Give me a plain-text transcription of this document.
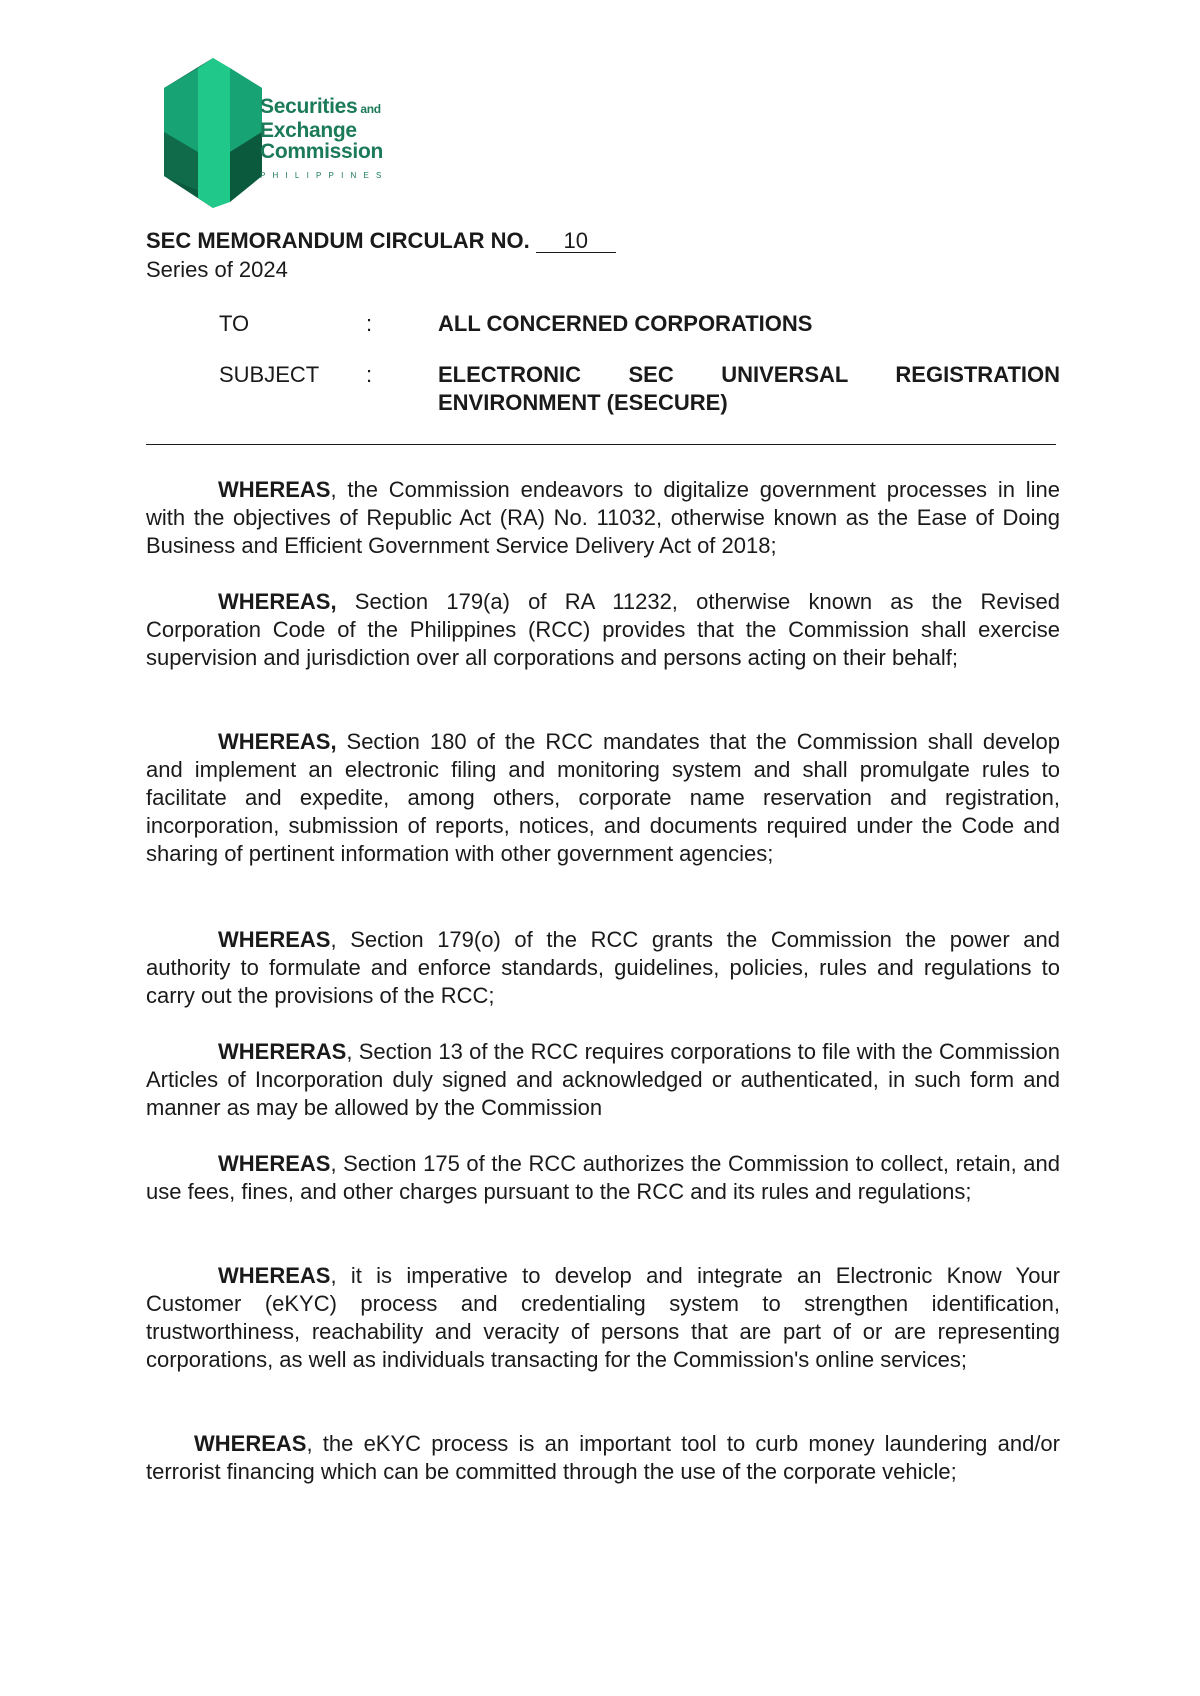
Securities and
Exchange
Commission
PHILIPPINES
SEC MEMORANDUM CIRCULAR NO. 10
Series of 2024
TO	:	ALL CONCERNED CORPORATIONS
SUBJECT :	ELECTRONIC SEC UNIVERSAL REGISTRATION
ENVIRONMENT (ESECURE)
WHEREAS, the Commission endeavors to digitalize government processes in line with the objectives of Republic Act (RA) No. 11032, otherwise known as the Ease of Doing Business and Efficient Government Service Delivery Act of 2018;
WHEREAS, Section 179(a) of RA 11232, otherwise known as the Revised Corporation Code of the Philippines (RCC) provides that the Commission shall exercise supervision and jurisdiction over all corporations and persons acting on their behalf;
WHEREAS, Section 180 of the RCC mandates that the Commission shall develop and implement an electronic filing and monitoring system and shall promulgate rules to facilitate and expedite, among others, corporate name reservation and registration, incorporation, submission of reports, notices, and documents required under the Code and sharing of pertinent information with other government agencies;
WHEREAS, Section 179(o) of the RCC grants the Commission the power and authority to formulate and enforce standards, guidelines, policies, rules and regulations to carry out the provisions of the RCC;
WHERERAS, Section 13 of the RCC requires corporations to file with the Commission Articles of Incorporation duly signed and acknowledged or authenticated, in such form and manner as may be allowed by the Commission
WHEREAS, Section 175 of the RCC authorizes the Commission to collect, retain, and use fees, fines, and other charges pursuant to the RCC and its rules and regulations;
WHEREAS, it is imperative to develop and integrate an Electronic Know Your Customer (eKYC) process and credentialing system to strengthen identification, trustworthiness, reachability and veracity of persons that are part of or are representing corporations, as well as individuals transacting for the Commission's online services;
WHEREAS, the eKYC process is an important tool to curb money laundering and/or terrorist financing which can be committed through the use of the corporate vehicle;
